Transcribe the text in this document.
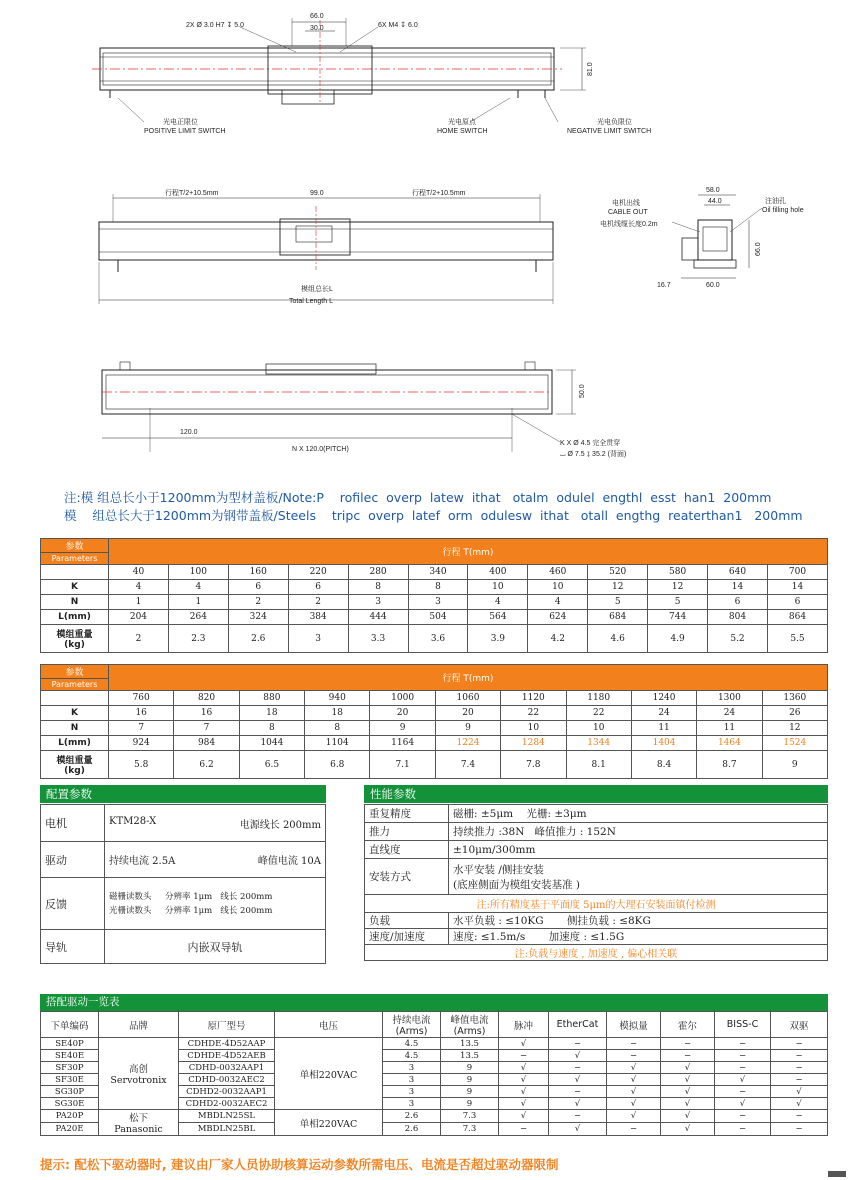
66.0
30.0
81.0
2X Ø 3.0 H7 ↧ 5.0	6X M4 ↧ 6.0
光电正限位
POSITIVE LIMIT SWITCH
光电原点
HOME SWITCH
光电负限位
NEGATIVE LIMIT SWITCH
行程T/2+10.5mm	99.0	行程T/2+10.5mm
模组总长L
Total Length L
58.0
44.0
电机出线
CABLE OUT
电机线缆长度0.2m
注油孔
Oil filling hole
66.0
16.7	60.0
50.0
120.0
N X 120.0(PITCH)
K X Ø 4.5 完全贯穿
⌴ Ø 7.5 ↧ 35.2 (背面)
注:模 组总长小于1200mm为型材盖板/Note:P    rofilec  overp  latew  ithat   otalm  odulel  engthl  esst  han1  200mm
模    组总长大于1200mm为钢带盖板/Steels    tripc  overp  latef  orm  odulesw  ithat   otall  engthg  reaterthan1   200mm
参数	行程 T(mm)											
Parameters												
	40	100	160	220	280	340	400	460	520	580	640	700
K	4	4	6	6	8	8	10	10	12	12	14	14
N	1	1	2	2	3	3	4	4	5	5	6	6
L(mm)	204	264	324	384	444	504	564	624	684	744	804	864
模组重量
(kg)	2	2.3	2.6	3	3.3	3.6	3.9	4.2	4.6	4.9	5.2	5.5
参数	行程 T(mm)										
Parameters											
	760	820	880	940	1000	1060	1120	1180	1240	1300	1360
K	16	16	18	18	20	20	22	22	24	24	26
N	7	7	8	8	9	9	10	10	11	11	12
L(mm)	924	984	1044	1104	1164	1224	1284	1344	1404	1464	1524
模组重量
(kg)	5.8	6.2	6.5	6.8	7.1	7.4	7.8	8.1	8.4	8.7	9
配置参数
电机	KTM28-X 电源线长 200mm

驱动	持续电流 2.5A 峰值电流 10A

反馈	磁栅读数头 分辨率 1μm 线长 200mm
光栅读数头 分辨率 1μm 线长 200mm
导轨	内嵌双导轨
性能参数
重复精度	磁栅: ±5μm 光栅: ±3μm
推力	持续推力 :38N 峰值推力 : 152N
直线度	±10μm/300mm
安装方式	水平安装 /侧挂安装
(底座侧面为模组安装基准 )
注:所有精度基于平面度 5μm的大理石安装面镇付检测	
负载	水平负载 : ≤10KG 侧挂负载 : ≤8KG
速度/加速度	速度: ≤1.5m/s 加速度 : ≤1.5G
注:负载与速度 , 加速度 , 偏心相关联	
搭配驱动一览表
下单编码	品牌	原厂型号	电压	持续电流
(Arms)	峰值电流
(Arms)	脉冲	EtherCat	模拟量	霍尔	BISS-C	双驱
SE40P	高创
Servotronix	CDHDE-4D52AAP	单相220VAC	4.5	13.5	√	−	−	−	−	−
SE40E		CDHDE-4D52AEB		4.5	13.5	−	√	−	−	−	−
SF30P		CDHD-0032AAP1		3	9	√	−	√	√	−	−
SF30E		CDHD-0032AEC2		3	9	√	√	√	√	√	−
SG30P		CDHD2-0032AAP1		3	9	√	−	√	√	−	√
SG30E		CDHD2-0032AEC2		3	9	√	√	√	√	√	√
PA20P	松下
Panasonic	MBDLN25SL	单相220VAC	2.6	7.3	√	−	√	√	−	−
PA20E		MBDLN25BL		2.6	7.3	−	√	−	√	−	−
提示: 配松下驱动器时, 建议由厂家人员协助核算运动参数所需电压、电流是否超过驱动器限制
